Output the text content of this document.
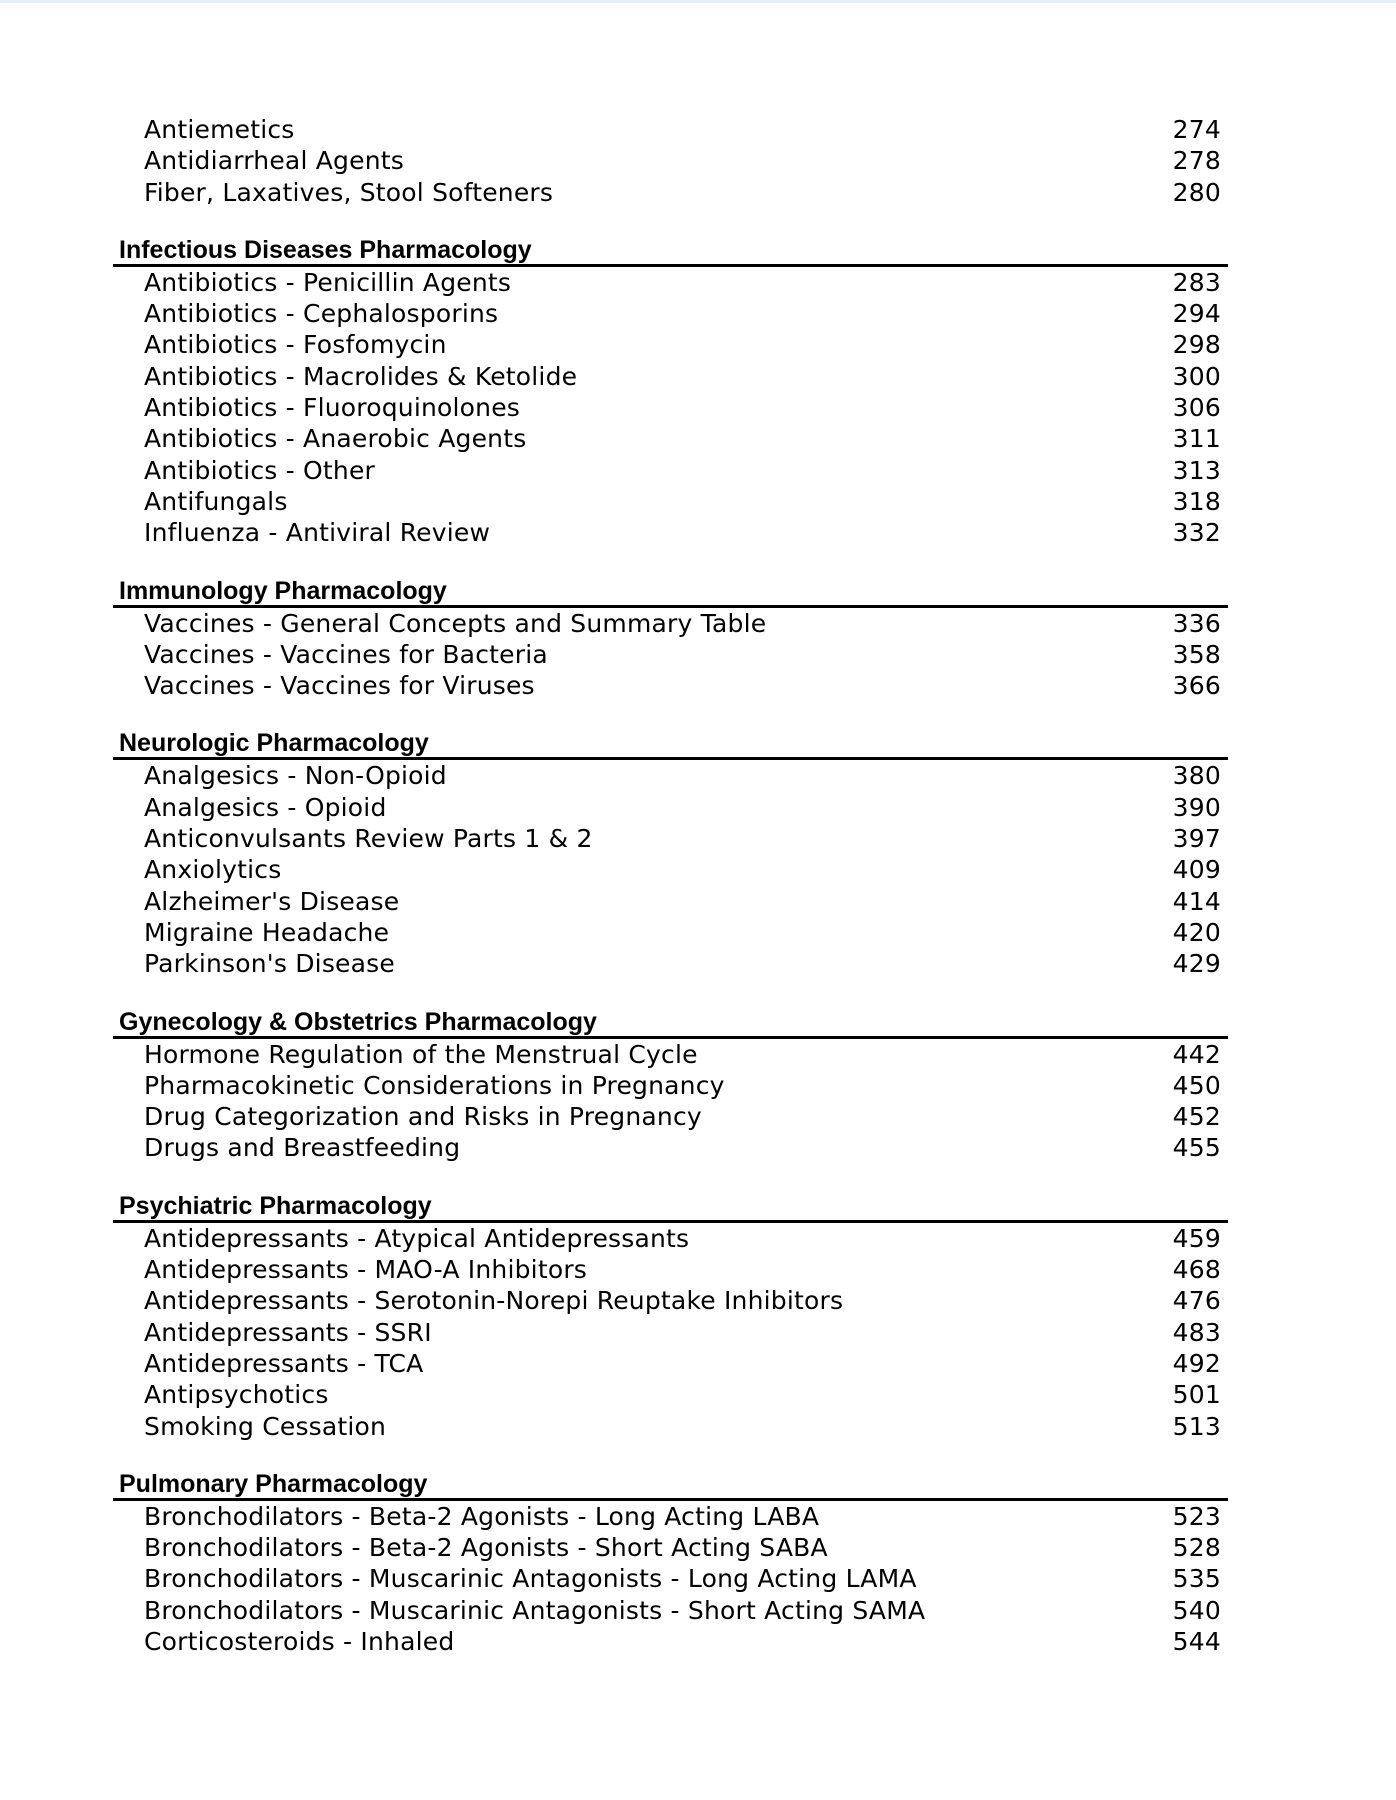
Antiemetics	274
Antidiarrheal Agents	278
Fiber, Laxatives, Stool Softeners	280
Infectious Diseases Pharmacology
Antibiotics - Penicillin Agents	283
Antibiotics - Cephalosporins	294
Antibiotics - Fosfomycin	298
Antibiotics - Macrolides & Ketolide	300
Antibiotics - Fluoroquinolones	306
Antibiotics - Anaerobic Agents	311
Antibiotics - Other	313
Antifungals	318
Influenza - Antiviral Review	332
Immunology Pharmacology
Vaccines - General Concepts and Summary Table	336
Vaccines - Vaccines for Bacteria	358
Vaccines - Vaccines for Viruses	366
Neurologic Pharmacology
Analgesics - Non-Opioid	380
Analgesics - Opioid	390
Anticonvulsants Review Parts 1 & 2	397
Anxiolytics	409
Alzheimer's Disease	414
Migraine Headache	420
Parkinson's Disease	429
Gynecology & Obstetrics Pharmacology
Hormone Regulation of the Menstrual Cycle	442
Pharmacokinetic Considerations in Pregnancy	450
Drug Categorization and Risks in Pregnancy	452
Drugs and Breastfeeding	455
Psychiatric Pharmacology
Antidepressants - Atypical Antidepressants	459
Antidepressants - MAO-A Inhibitors	468
Antidepressants - Serotonin-Norepi Reuptake Inhibitors	476
Antidepressants - SSRI	483
Antidepressants - TCA	492
Antipsychotics	501
Smoking Cessation	513
Pulmonary Pharmacology
Bronchodilators - Beta-2 Agonists - Long Acting LABA	523
Bronchodilators - Beta-2 Agonists - Short Acting SABA	528
Bronchodilators - Muscarinic Antagonists - Long Acting LAMA	535
Bronchodilators - Muscarinic Antagonists - Short Acting SAMA	540
Corticosteroids - Inhaled	544
